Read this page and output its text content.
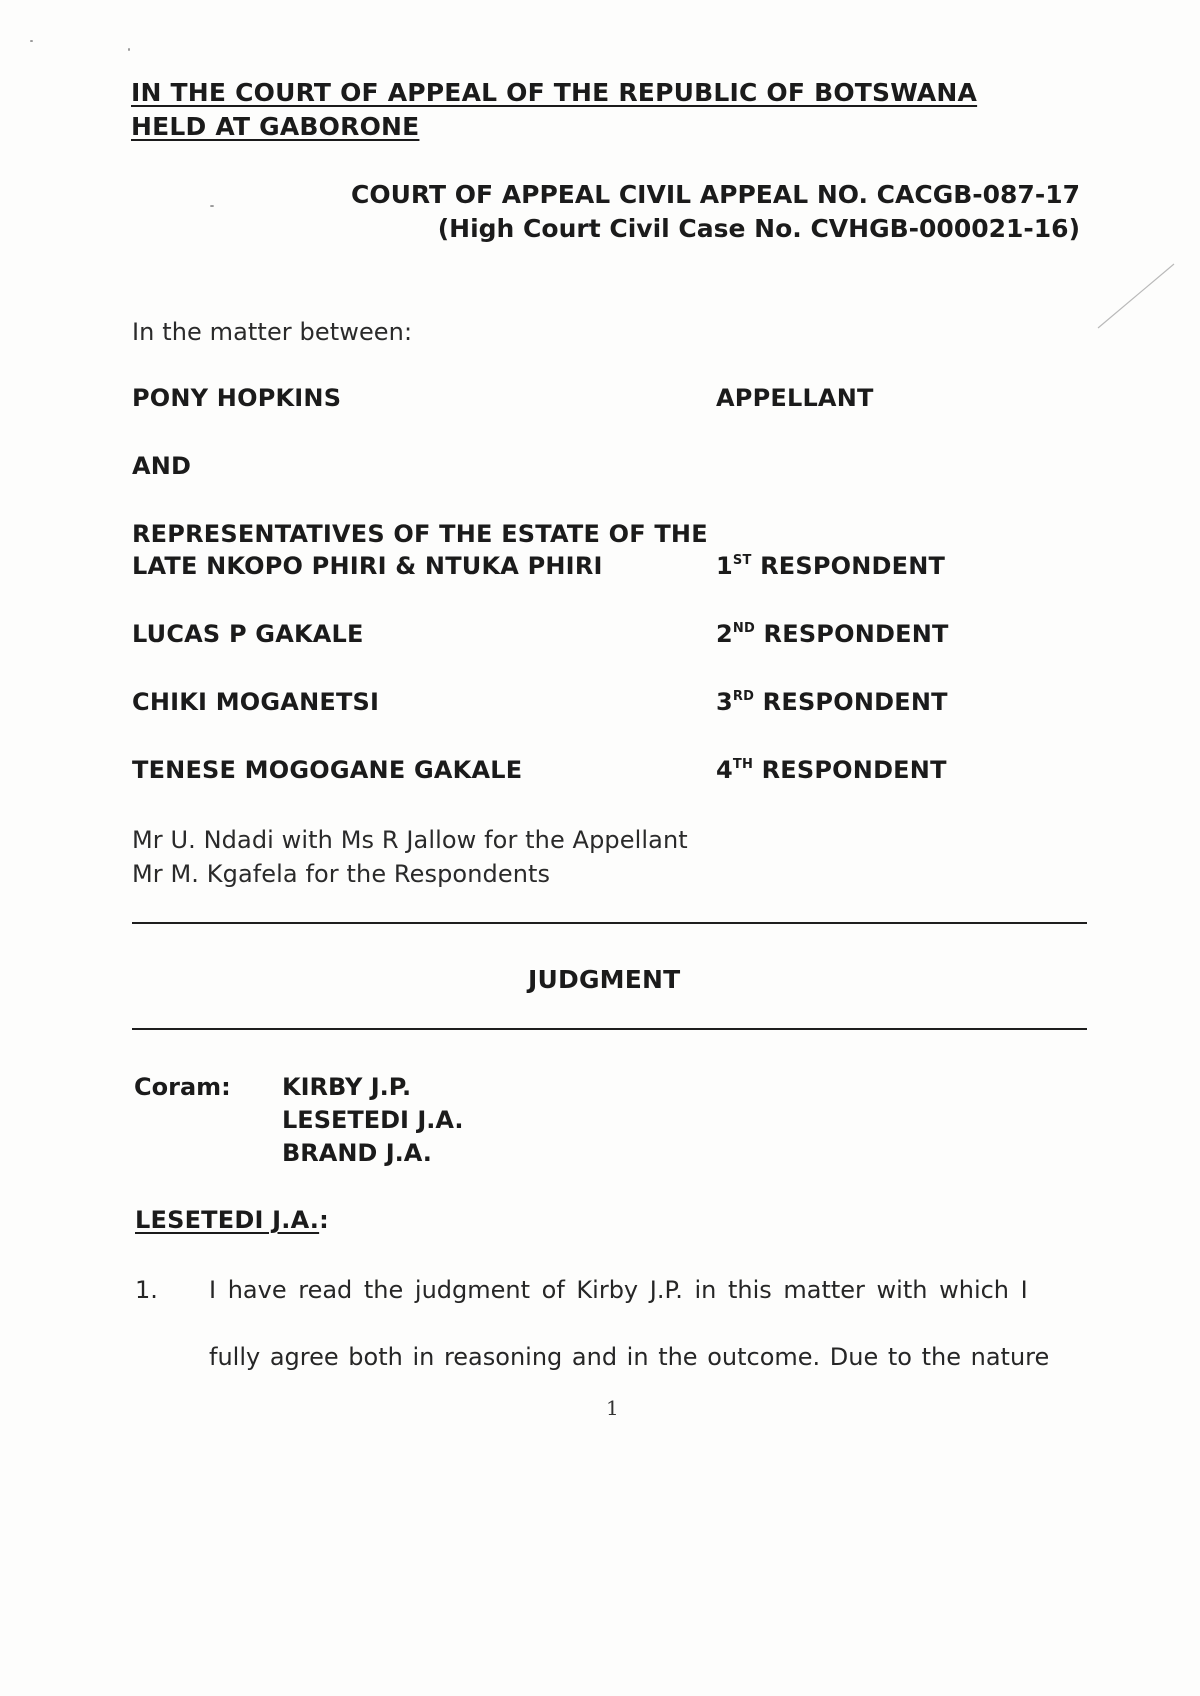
IN THE COURT OF APPEAL OF THE REPUBLIC OF BOTSWANA
HELD AT GABORONE
COURT OF APPEAL CIVIL APPEAL NO. CACGB-087-17
(High Court Civil Case No. CVHGB-000021-16)
In the matter between:
PONY HOPKINS	APPELLANT
AND
REPRESENTATIVES OF THE ESTATE OF THE
LATE NKOPO PHIRI & NTUKA PHIRI	1ST RESPONDENT
LUCAS P GAKALE	2ND RESPONDENT
CHIKI MOGANETSI	3RD RESPONDENT
TENESE MOGOGANE GAKALE	4TH RESPONDENT
Mr U. Ndadi with Ms R Jallow for the Appellant
Mr M. Kgafela for the Respondents
JUDGMENT
Coram: KIRBY J.P.
LESETEDI J.A.
BRAND J.A.
LESETEDI J.A.:
1. I have read the judgment of Kirby J.P. in this matter with which I
fully agree both in reasoning and in the outcome. Due to the nature
1
